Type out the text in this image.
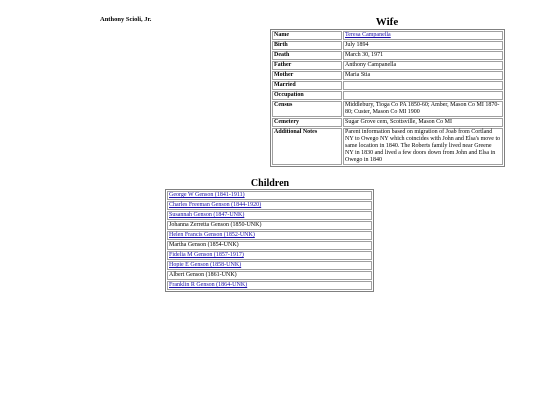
Anthony Scioli, Jr.	Wife
Name	Teresa Campanella
Birth	July 1894
Death	March 30, 1971
Father	Anthony Campanella
Mother	Maria Stia
Married	
Occupation	
Census	Middlebury, Tioga Co PA 1850-60; Amber, Mason Co MI 1870-80; Custer, Mason Co MI 1900
Cemetery	Sugar Grove cem, Scottsville, Mason Co MI
Additional Notes	Parent information based on migration of Joab from Cortland NY to Owego NY which coincides with John and Elsa's move to same location in 1840. The Roberts family lived near Greene NY in 1830 and lived a few doors down from John and Elsa in Owego in 1840
Children
George W Genson (1841-1911)
Charles Freeman Genson (1844-1920)
Susannah Genson (1847-UNK)
Johanna Zerretta Genson (1850-UNK)
Helen Francis Genson (1852-UNK)
Martha Genson (1854-UNK)
Fidelia M Genson (1857-1917)
Hopie E Genson (1858-UNK)
Albert Genson (1861-UNK)
Franklin R Genson (1864-UNK)
